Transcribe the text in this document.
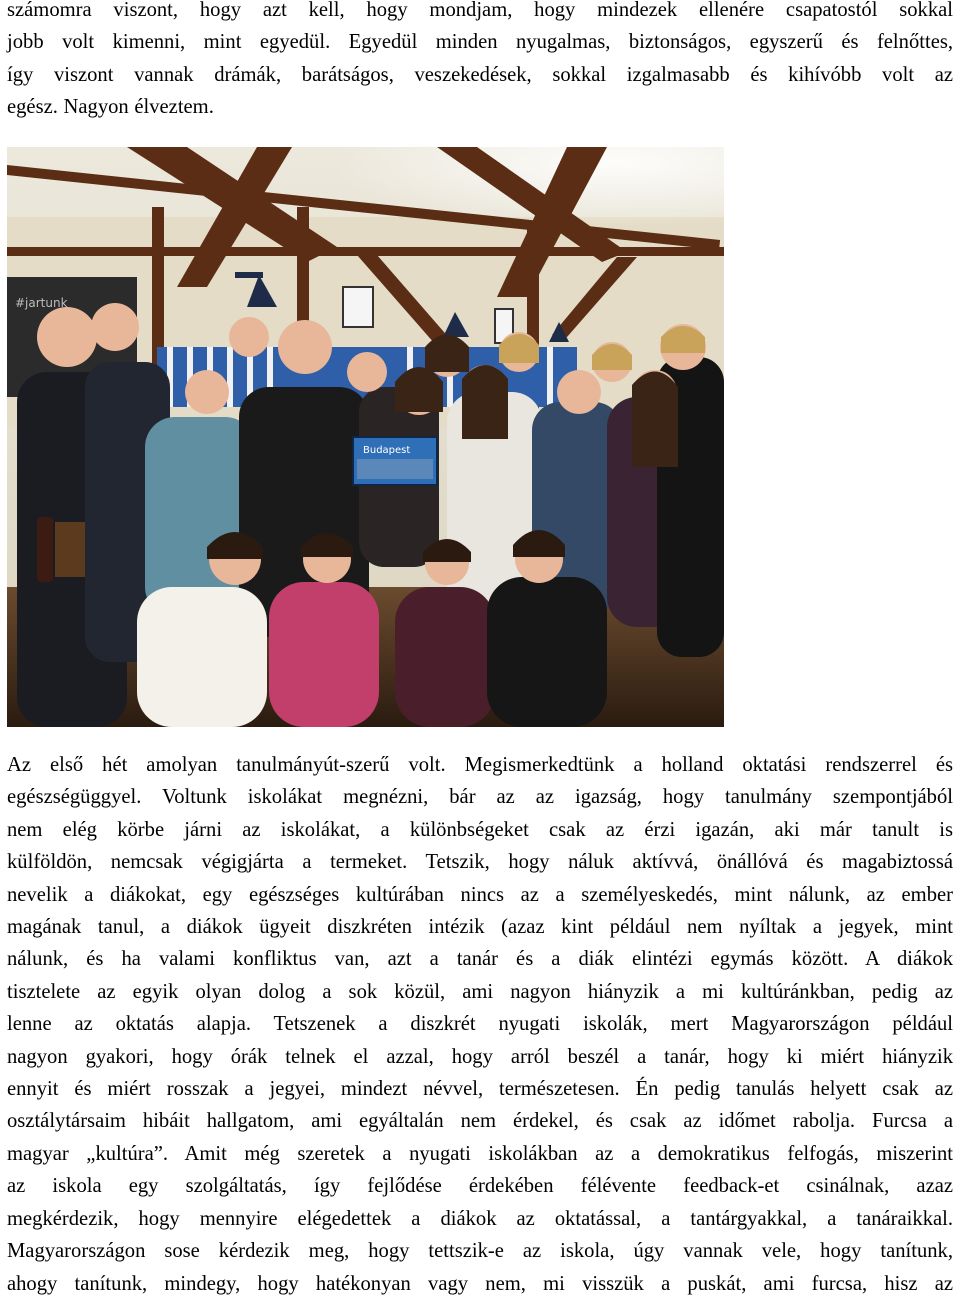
számomra viszont, hogy azt kell, hogy mondjam, hogy mindezek ellenére csapatostól sokkal
jobb volt kimenni, mint egyedül. Egyedül minden nyugalmas, biztonságos, egyszerű és felnőttes,
így viszont vannak drámák, barátságos, veszekedések, sokkal izgalmasabb és kihívóbb volt az
egész. Nagyon élveztem.

#jartunk
Budapest

Az első hét amolyan tanulmányút-szerű volt. Megismerkedtünk a holland oktatási rendszerrel és
egészségüggyel. Voltunk iskolákat megnézni, bár az az igazság, hogy tanulmány szempontjából
nem elég körbe járni az iskolákat, a különbségeket csak az érzi igazán, aki már tanult is
külföldön, nemcsak végigjárta a termeket. Tetszik, hogy náluk aktívvá, önállóvá és magabiztossá
nevelik a diákokat, egy egészséges kultúrában nincs az a személyeskedés, mint nálunk, az ember
magának tanul, a diákok ügyeit diszkréten intézik (azaz kint például nem nyíltak a jegyek, mint
nálunk, és ha valami konfliktus van, azt a tanár és a diák elintézi egymás között. A diákok
tisztelete az egyik olyan dolog a sok közül, ami nagyon hiányzik a mi kultúránkban, pedig az
lenne az oktatás alapja. Tetszenek a diszkrét nyugati iskolák, mert Magyarországon például
nagyon gyakori, hogy órák telnek el azzal, hogy arról beszél a tanár, hogy ki miért hiányzik
ennyit és miért rosszak a jegyei, mindezt névvel, természetesen. Én pedig tanulás helyett csak az
osztálytársaim hibáit hallgatom, ami egyáltalán nem érdekel, és csak az időmet rabolja. Furcsa a
magyar „kultúra”. Amit még szeretek a nyugati iskolákban az a demokratikus felfogás, miszerint
az iskola egy szolgáltatás, így fejlődése érdekében félévente feedback-et csinálnak, azaz
megkérdezik, hogy mennyire elégedettek a diákok az oktatással, a tantárgyakkal, a tanáraikkal.
Magyarországon sose kérdezik meg, hogy tettszik-e az iskola, úgy vannak vele, hogy tanítunk,
ahogy tanítunk, mindegy, hogy hatékonyan vagy nem, mi visszük a puskát, ami furcsa, hisz az
